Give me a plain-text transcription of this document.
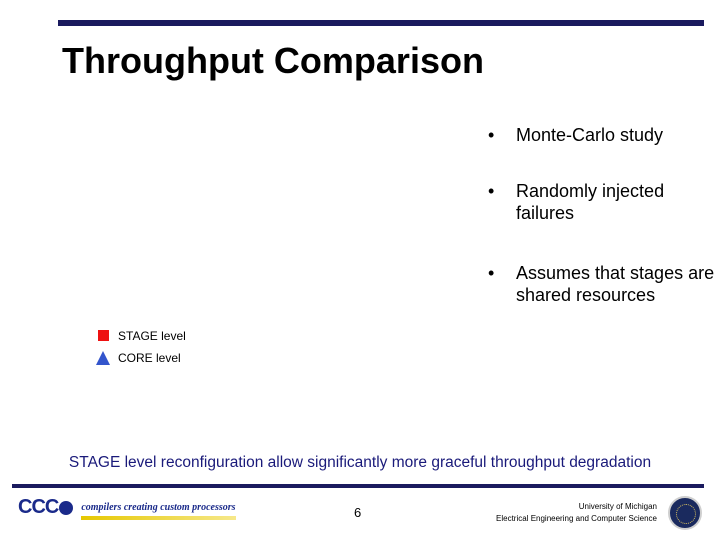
Throughput Comparison
• Monte-Carlo study
• Randomly injected failures
• Assumes that stages are shared resources
STAGE level
CORE level
STAGE level reconfiguration allow significantly more graceful throughput degradation
CCC compilers creating custom processors	6	University of Michigan
Electrical Engineering and Computer Science
